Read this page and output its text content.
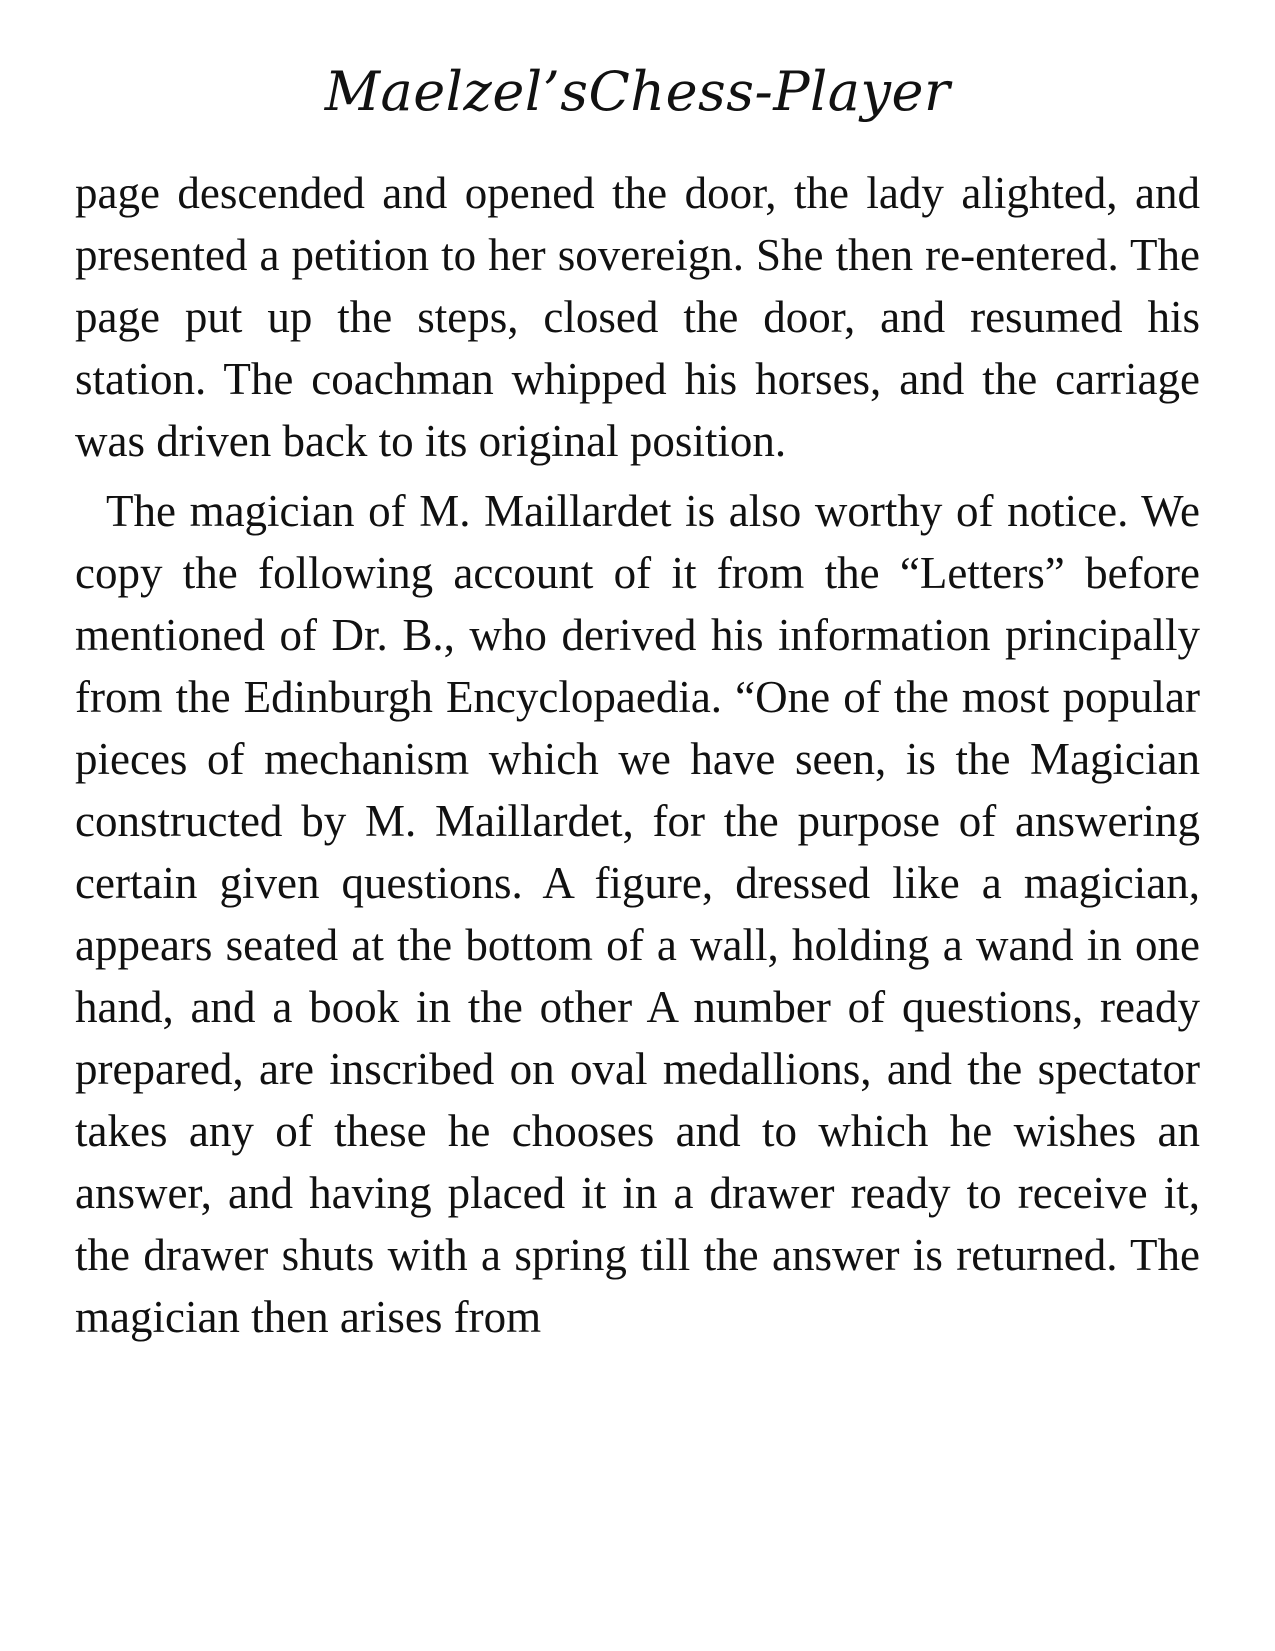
Maelzel’sChess-Player

page descended and opened the door, the lady alighted, and presented a petition to her sovereign. She then re-entered. The page put up the steps, closed the door, and resumed his station. The coachman whipped his horses, and the carriage was driven back to its original position.

The magician of M. Maillardet is also worthy of notice. We copy the following account of it from the “Letters” before mentioned of Dr. B., who derived his information principally from the Edinburgh Encyclopaedia. “One of the most popular pieces of mechanism which we have seen, is the Magician constructed by M. Maillardet, for the purpose of answering certain given questions. A figure, dressed like a magician, appears seated at the bottom of a wall, holding a wand in one hand, and a book in the other A number of questions, ready prepared, are inscribed on oval medallions, and the spectator takes any of these he chooses and to which he wishes an answer, and having placed it in a drawer ready to receive it, the drawer shuts with a spring till the answer is returned. The magician then arises from
